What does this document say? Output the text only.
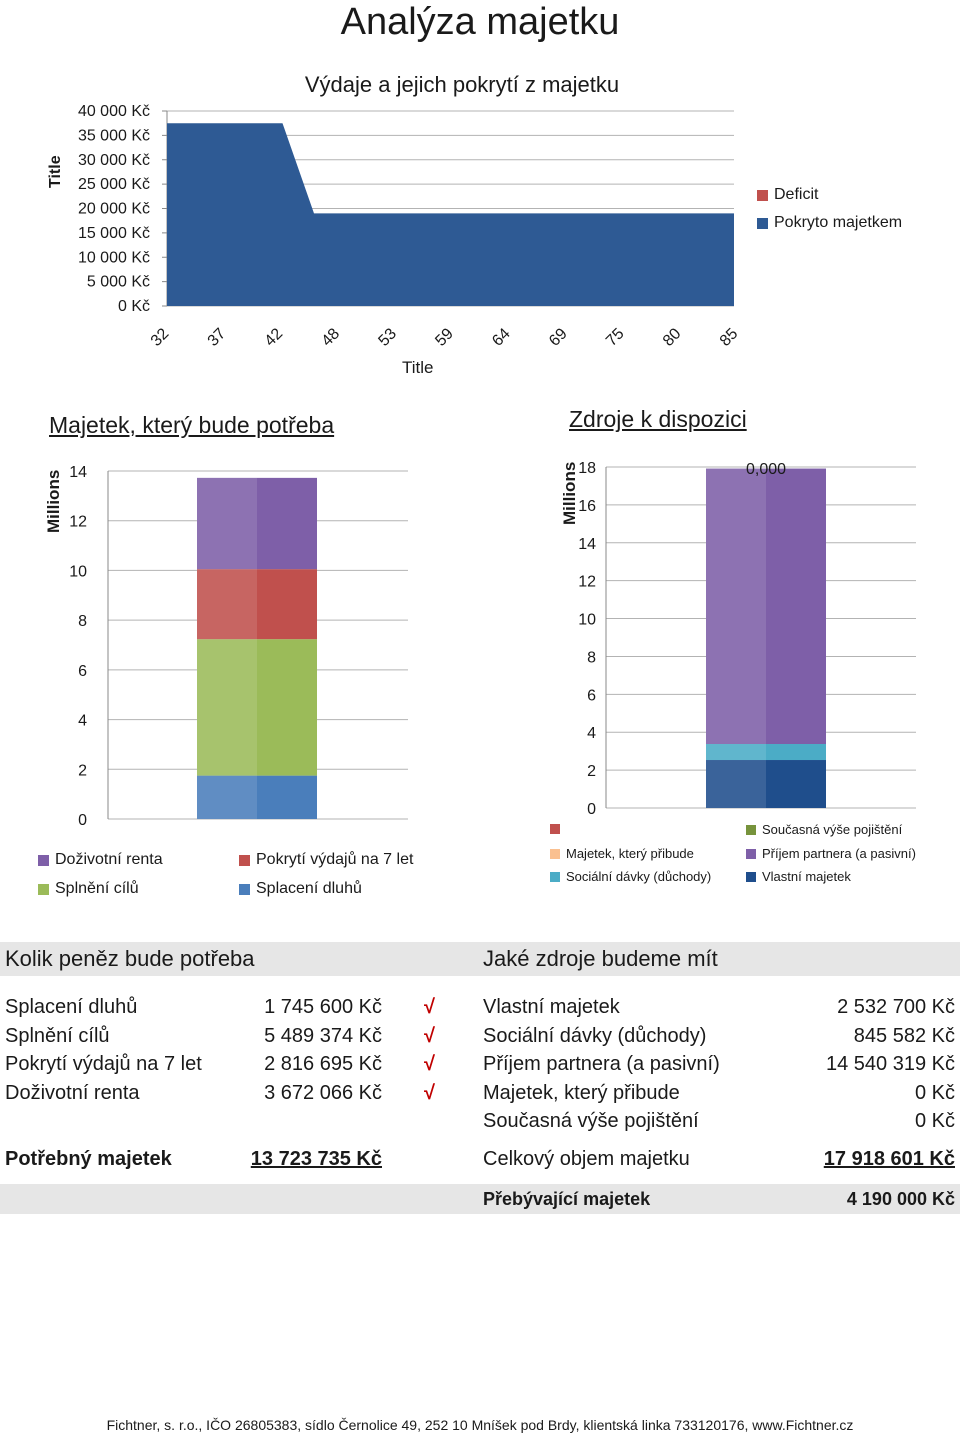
Analýza majetku
Výdaje a jejich pokrytí z majetku
Title
40 000 Kč
35 000 Kč
30 000 Kč
25 000 Kč
20 000 Kč
15 000 Kč
10 000 Kč
5 000 Kč
0 Kč
32 37 42 48 53 59 64 69 75 80 85
Title
Deficit
Pokryto majetkem
Majetek, který bude potřeba
Millions 14
12
10
8
6
4
2
0
Doživotní renta	Pokrytí výdajů na 7 let
Splnění cílů	Splacení dluhů
Zdroje k dispozici
Millions 18
16
14
12
10
8
6
4
2
0
0,000
Současná výše pojištění
Majetek, který přibude	Příjem partnera (a pasivní)
Sociální dávky (důchody)	Vlastní majetek
Kolik peněz bude potřeba	Jaké zdroje budeme mít
Splacení dluhů	1 745 600 Kč √
Splnění cílů	5 489 374 Kč √
Pokrytí výdajů na 7 let	2 816 695 Kč √
Doživotní renta	3 672 066 Kč √
Vlastní majetek	2 532 700 Kč
Sociální dávky (důchody)	845 582 Kč
Příjem partnera (a pasivní)	14 540 319 Kč
Majetek, který přibude	0 Kč
Současná výše pojištění	0 Kč
Potřebný majetek	13 723 735 Kč	Celkový objem majetku	17 918 601 Kč
Přebývající majetek	4 190 000 Kč
Fichtner, s. r.o., IČO 26805383, sídlo Černolice 49, 252 10 Mníšek pod Brdy, klientská linka 733120176, www.Fichtner.cz
